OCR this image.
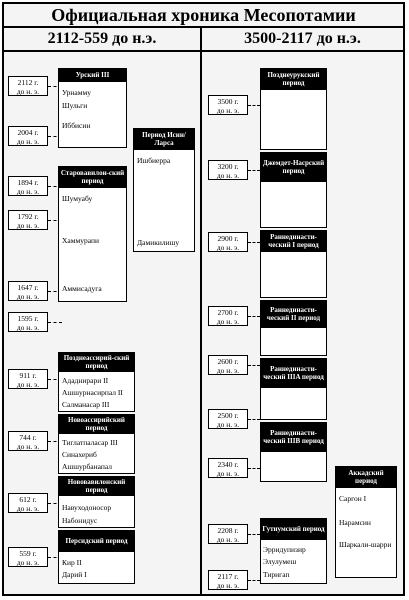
Официальная хроника Месопотамии
2112-559 до н.э.	3500-2117 до н.э.
2112 г.
до н. э.
2004 г.
до н. э.
1894 г.
до н. э.
1792 г.
до н. э.
1647 г.
до н. э.
1595 г.
до н. э.
911 г.
до н. э.
744 г.
до н. э.
612 г.
до н. э.
559 г.
до н. э.
Урский III
Урнамму
Шульги
Иббисин
Период Исин/Ларса
Ишбиерра
Дамикилишу
Старовавилон-ский период
Шумуабу
Хаммурапи
Аммисадуга
Позднеассирий-ский период
Ададнирари II
Ашшурнасирпал II
Салманасар III
Новоассирийский период
Тиглатпаласар III
Синахериб
Ашшурбанапал
Нововавилонский период
Навуходоносор
Набонидус
Персидский период
Кир II
Дарий I
3500 г.
до н. э.
3200 г.
до н. э.
2900 г.
до н. э.
2700 г.
до н. э.
2600 г.
до н. э.
2500 г.
до н. э.
2340 г.
до н. э.
2208 г.
до н. э.
2117 г.
до н. э.
Позднеурукский период
Джемдет-Насрский период
Раннединасти-ческий I период
Раннединасти-ческий II период
Раннединасти-ческий IIIA период
Раннединасти-ческий IIIB период
Гутиумский период
Эрридупизир
Элулумеш
Тиригап
Аккадский период
Саргон I
Нарамсин
Шаркали-шарри
